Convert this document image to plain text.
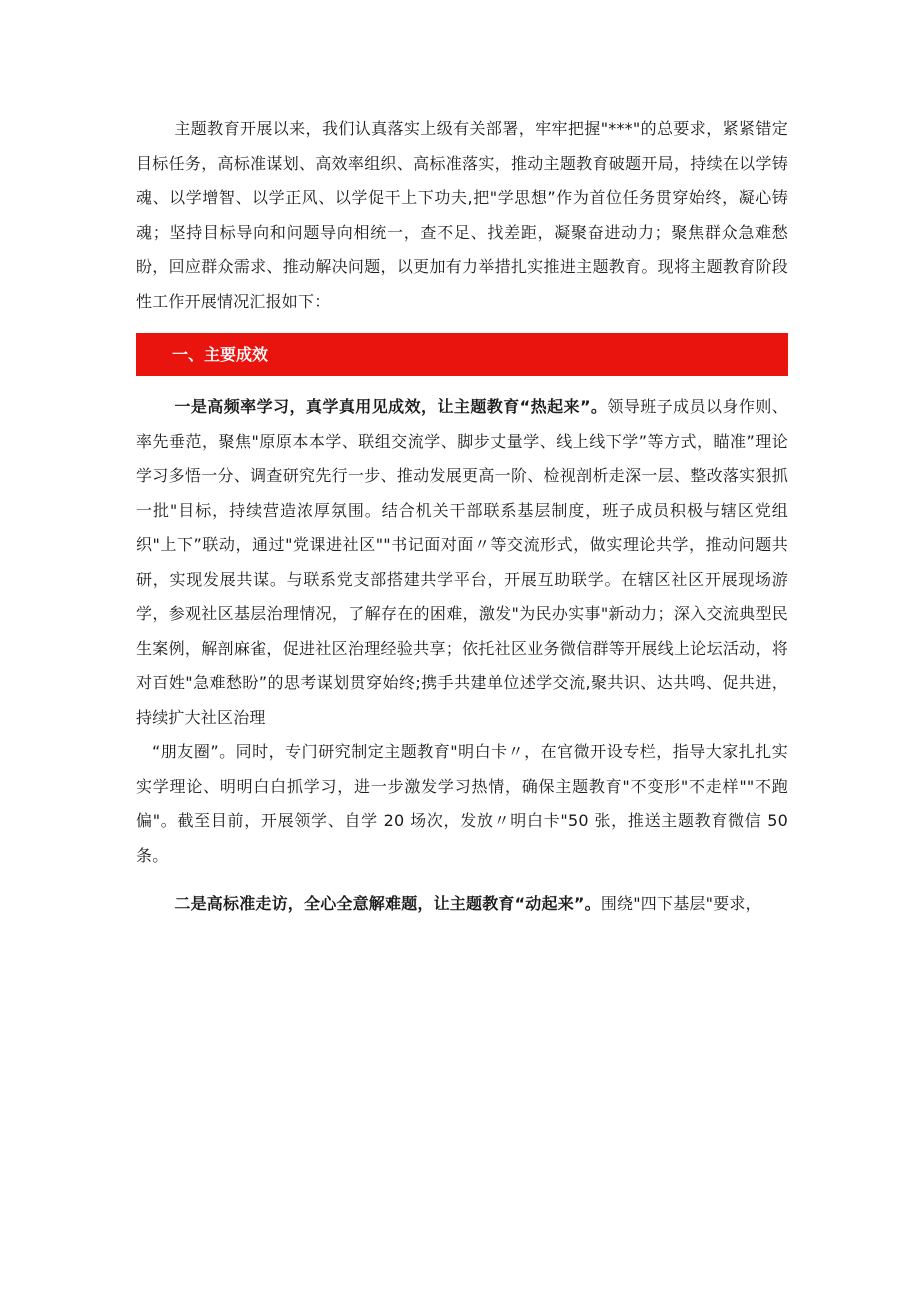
主题教育开展以来，我们认真落实上级有关部署，牢牢把握"***"的总要求，紧紧错定目标任务，高标准谋划、高效率组织、高标准落实，推动主题教育破题开局，持续在以学铸魂、以学增智、以学正风、以学促干上下功夫,把"学思想”作为首位任务贯穿始终，凝心铸魂；坚持目标导向和问题导向相统一，查不足、找差距，凝聚奋进动力；聚焦群众急难愁盼，回应群众需求、推动解决问题，以更加有力举措扎实推进主题教育。现将主题教育阶段性工作开展情况汇报如下：

一、主要成效

一是高频率学习，真学真用见成效，让主题教育“热起来”。领导班子成员以身作则、率先垂范，聚焦"原原本本学、联组交流学、脚步丈量学、线上线下学”等方式，瞄准”理论学习多悟一分、调查研究先行一步、推动发展更高一阶、检视剖析走深一层、整改落实狠抓一批"目标，持续营造浓厚氛围。结合机关干部联系基层制度，班子成员积极与辖区党组织"上下”联动，通过"党课进社区""书记面对面〃等交流形式，做实理论共学，推动问题共研，实现发展共谋。与联系党支部搭建共学平台，开展互助联学。在辖区社区开展现场游学，参观社区基层治理情况，了解存在的困难，激发"为民办实事"新动力；深入交流典型民生案例，解剖麻雀，促进社区治理经验共享；依托社区业务微信群等开展线上论坛活动，将对百姓"急难愁盼”的思考谋划贯穿始终;携手共建单位述学交流,聚共识、达共鸣、促共进，持续扩大社区治理

“朋友圈”。同时，专门研究制定主题教育"明白卡〃，在官微开设专栏，指导大家扎扎实实学理论、明明白白抓学习，进一步激发学习热情，确保主题教育"不变形"不走样""不跑偏"。截至目前，开展领学、自学 20 场次，发放〃明白卡"50 张，推送主题教育微信 50 条。

二是高标准走访，全心全意解难题，让主题教育“动起来”。围绕"四下基层"要求，
